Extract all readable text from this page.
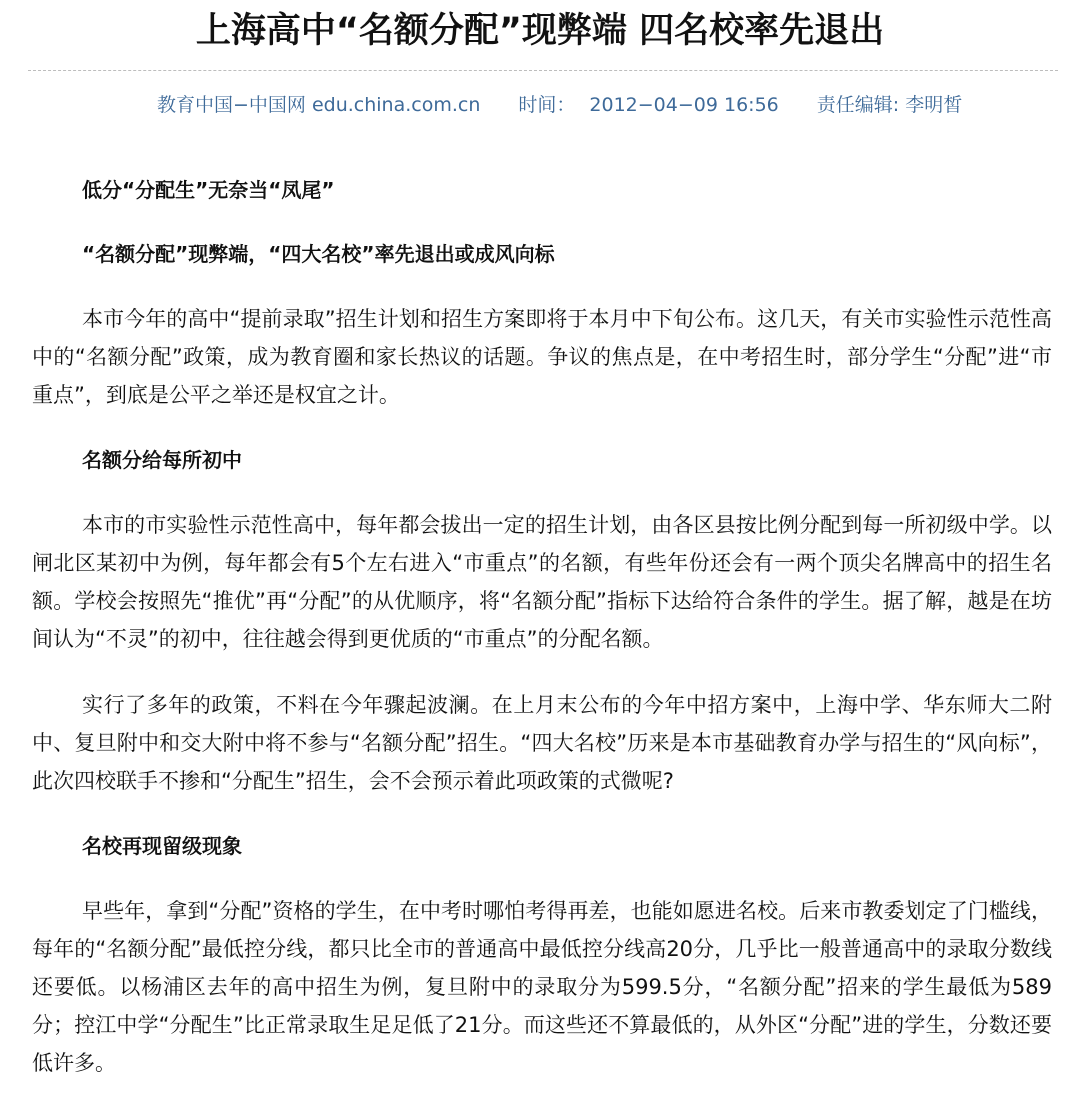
上海高中“名额分配”现弊端 四名校率先退出
教育中国−中国网 edu.china.com.cn 时间： 2012−04−09 16:56 责任编辑: 李明皙

低分“分配生”无奈当“凤尾”

“名额分配”现弊端，“四大名校”率先退出或成风向标

本市今年的高中“提前录取”招生计划和招生方案即将于本月中下旬公布。这几天，有关市实验性示范性高中的“名额分配”政策，成为教育圈和家长热议的话题。争议的焦点是，在中考招生时，部分学生“分配”进“市重点”，到底是公平之举还是权宜之计。

名额分给每所初中

本市的市实验性示范性高中，每年都会拔出一定的招生计划，由各区县按比例分配到每一所初级中学。以闸北区某初中为例，每年都会有5个左右进入“市重点”的名额，有些年份还会有一两个顶尖名牌高中的招生名额。学校会按照先“推优”再“分配”的从优顺序，将“名额分配”指标下达给符合条件的学生。据了解，越是在坊间认为“不灵”的初中，往往越会得到更优质的“市重点”的分配名额。

实行了多年的政策，不料在今年骤起波澜。在上月末公布的今年中招方案中，上海中学、华东师大二附中、复旦附中和交大附中将不参与“名额分配”招生。“四大名校”历来是本市基础教育办学与招生的“风向标”，此次四校联手不掺和“分配生”招生，会不会预示着此项政策的式微呢?

名校再现留级现象

早些年，拿到“分配”资格的学生，在中考时哪怕考得再差，也能如愿进名校。后来市教委划定了门槛线，每年的“名额分配”最低控分线，都只比全市的普通高中最低控分线高20分，几乎比一般普通高中的录取分数线还要低。以杨浦区去年的高中招生为例，复旦附中的录取分为599.5分，“名额分配”招来的学生最低为589分；控江中学“分配生”比正常录取生足足低了21分。而这些还不算最低的，从外区“分配”进的学生，分数还要低许多。
